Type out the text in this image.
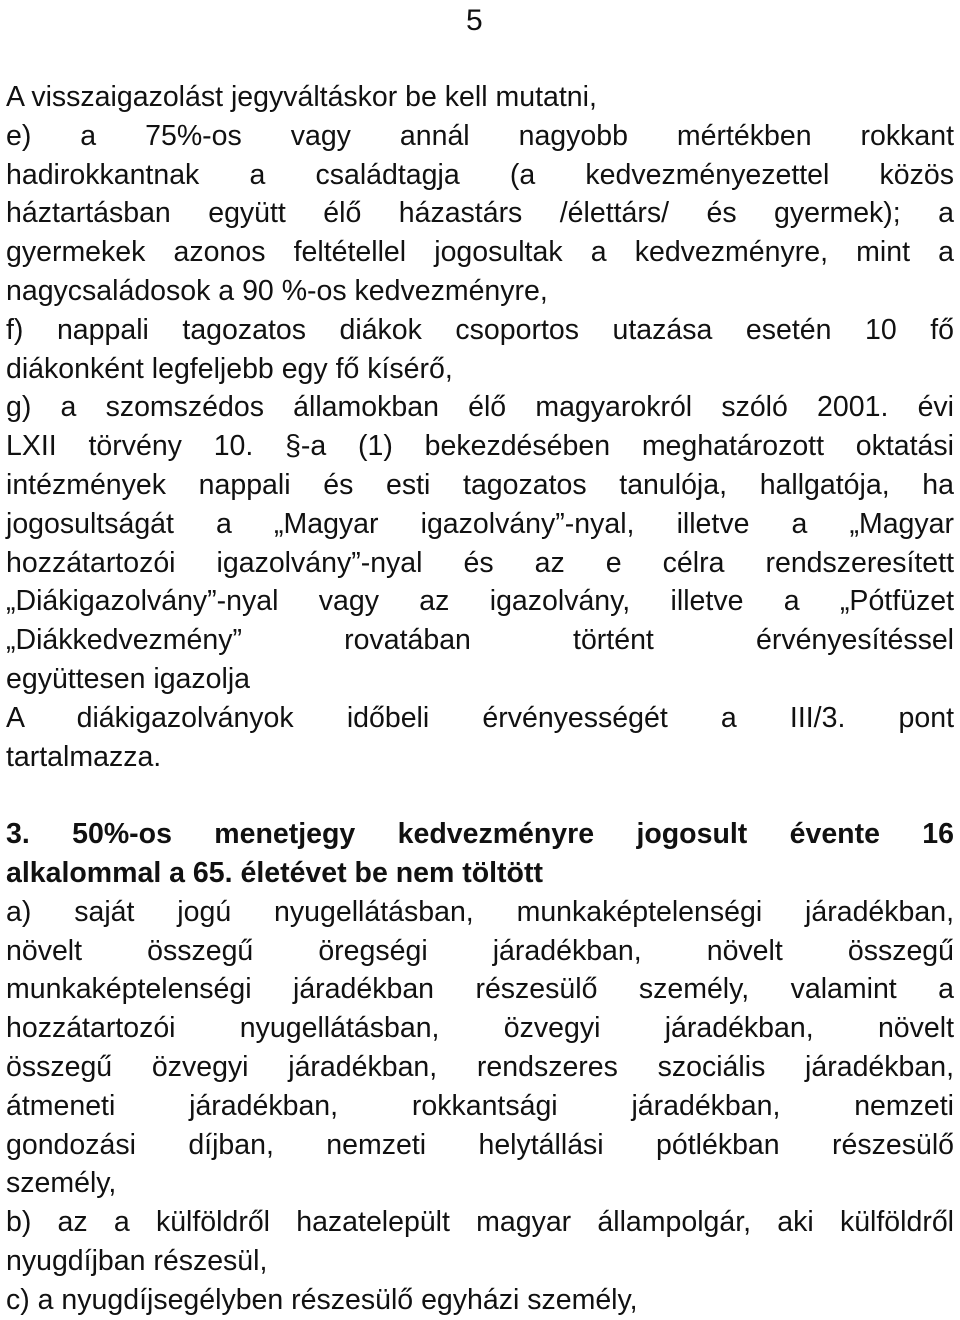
5
A visszaigazolást jegyváltáskor be kell mutatni,
e) a 75%-os vagy annál nagyobb mértékben rokkant
hadirokkantnak a családtagja (a kedvezményezettel közös
háztartásban együtt élő házastárs /élettárs/ és gyermek); a
gyermekek azonos feltétellel jogosultak a kedvezményre, mint a
nagycsaládosok a 90 %-os kedvezményre,
f) nappali tagozatos diákok csoportos utazása esetén 10 fő
diákonként legfeljebb egy fő kísérő,
g) a szomszédos államokban élő magyarokról szóló 2001. évi
LXII törvény 10. §-a (1) bekezdésében meghatározott oktatási
intézmények nappali és esti tagozatos tanulója, hallgatója, ha
jogosultságát a „Magyar igazolvány”-nyal, illetve a „Magyar
hozzátartozói igazolvány”-nyal és az e célra rendszeresített
„Diákigazolvány”-nyal vagy az igazolvány, illetve a „Pótfüzet
„Diákkedvezmény” rovatában történt érvényesítéssel
együttesen igazolja
A diákigazolványok időbeli érvényességét a III/3. pont
tartalmazza.
3. 50%-os menetjegy kedvezményre jogosult évente 16
alkalommal a 65. életévet be nem töltött
a) saját jogú nyugellátásban, munkaképtelenségi járadékban,
növelt összegű öregségi járadékban, növelt összegű
munkaképtelenségi járadékban részesülő személy, valamint a
hozzátartozói nyugellátásban, özvegyi járadékban, növelt
összegű özvegyi járadékban, rendszeres szociális járadékban,
átmeneti járadékban, rokkantsági járadékban, nemzeti
gondozási díjban, nemzeti helytállási pótlékban részesülő
személy,
b) az a külföldről hazatelepült magyar állampolgár, aki külföldről
nyugdíjban részesül,
c) a nyugdíjsegélyben részesülő egyházi személy,
